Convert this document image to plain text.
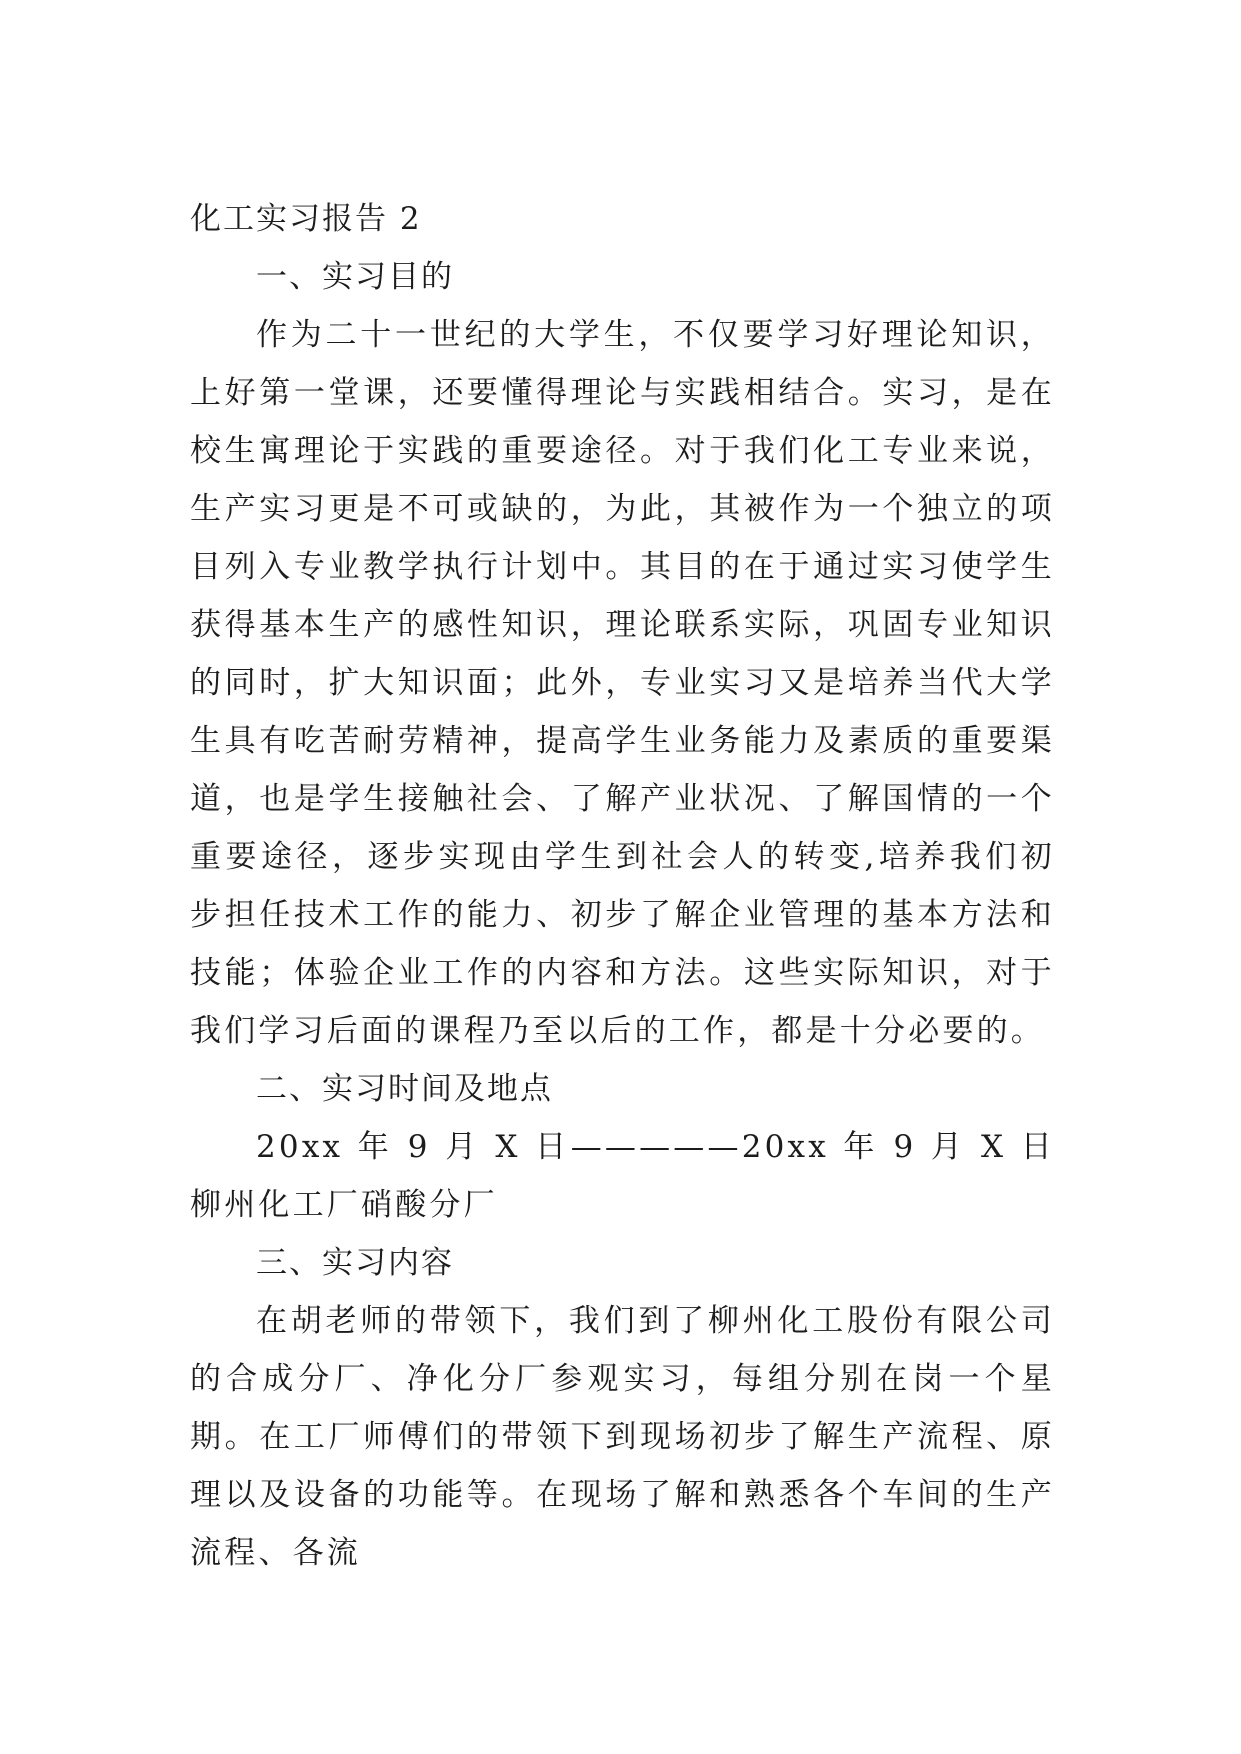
化工实习报告 2
一、实习目的

作为二十一世纪的大学生，不仅要学习好理论知识，上好第一堂课，还要懂得理论与实践相结合。实习，是在校生寓理论于实践的重要途径。对于我们化工专业来说，生产实习更是不可或缺的，为此，其被作为一个独立的项目列入专业教学执行计划中。其目的在于通过实习使学生获得基本生产的感性知识，理论联系实际，巩固专业知识的同时，扩大知识面；此外，专业实习又是培养当代大学生具有吃苦耐劳精神，提高学生业务能力及素质的重要渠道，也是学生接触社会、了解产业状况、了解国情的一个重要途径，逐步实现由学生到社会人的转变,培养我们初步担任技术工作的能力、初步了解企业管理的基本方法和技能；体验企业工作的内容和方法。这些实际知识，对于我们学习后面的课程乃至以后的工作，都是十分必要的。

二、实习时间及地点

20xx 年 9 月 X 日—————20xx 年 9 月 X 日柳州化工厂硝酸分厂

三、实习内容

在胡老师的带领下，我们到了柳州化工股份有限公司的合成分厂、净化分厂参观实习，每组分别在岗一个星期。在工厂师傅们的带领下到现场初步了解生产流程、原理以及设备的功能等。在现场了解和熟悉各个车间的生产流程、各流
